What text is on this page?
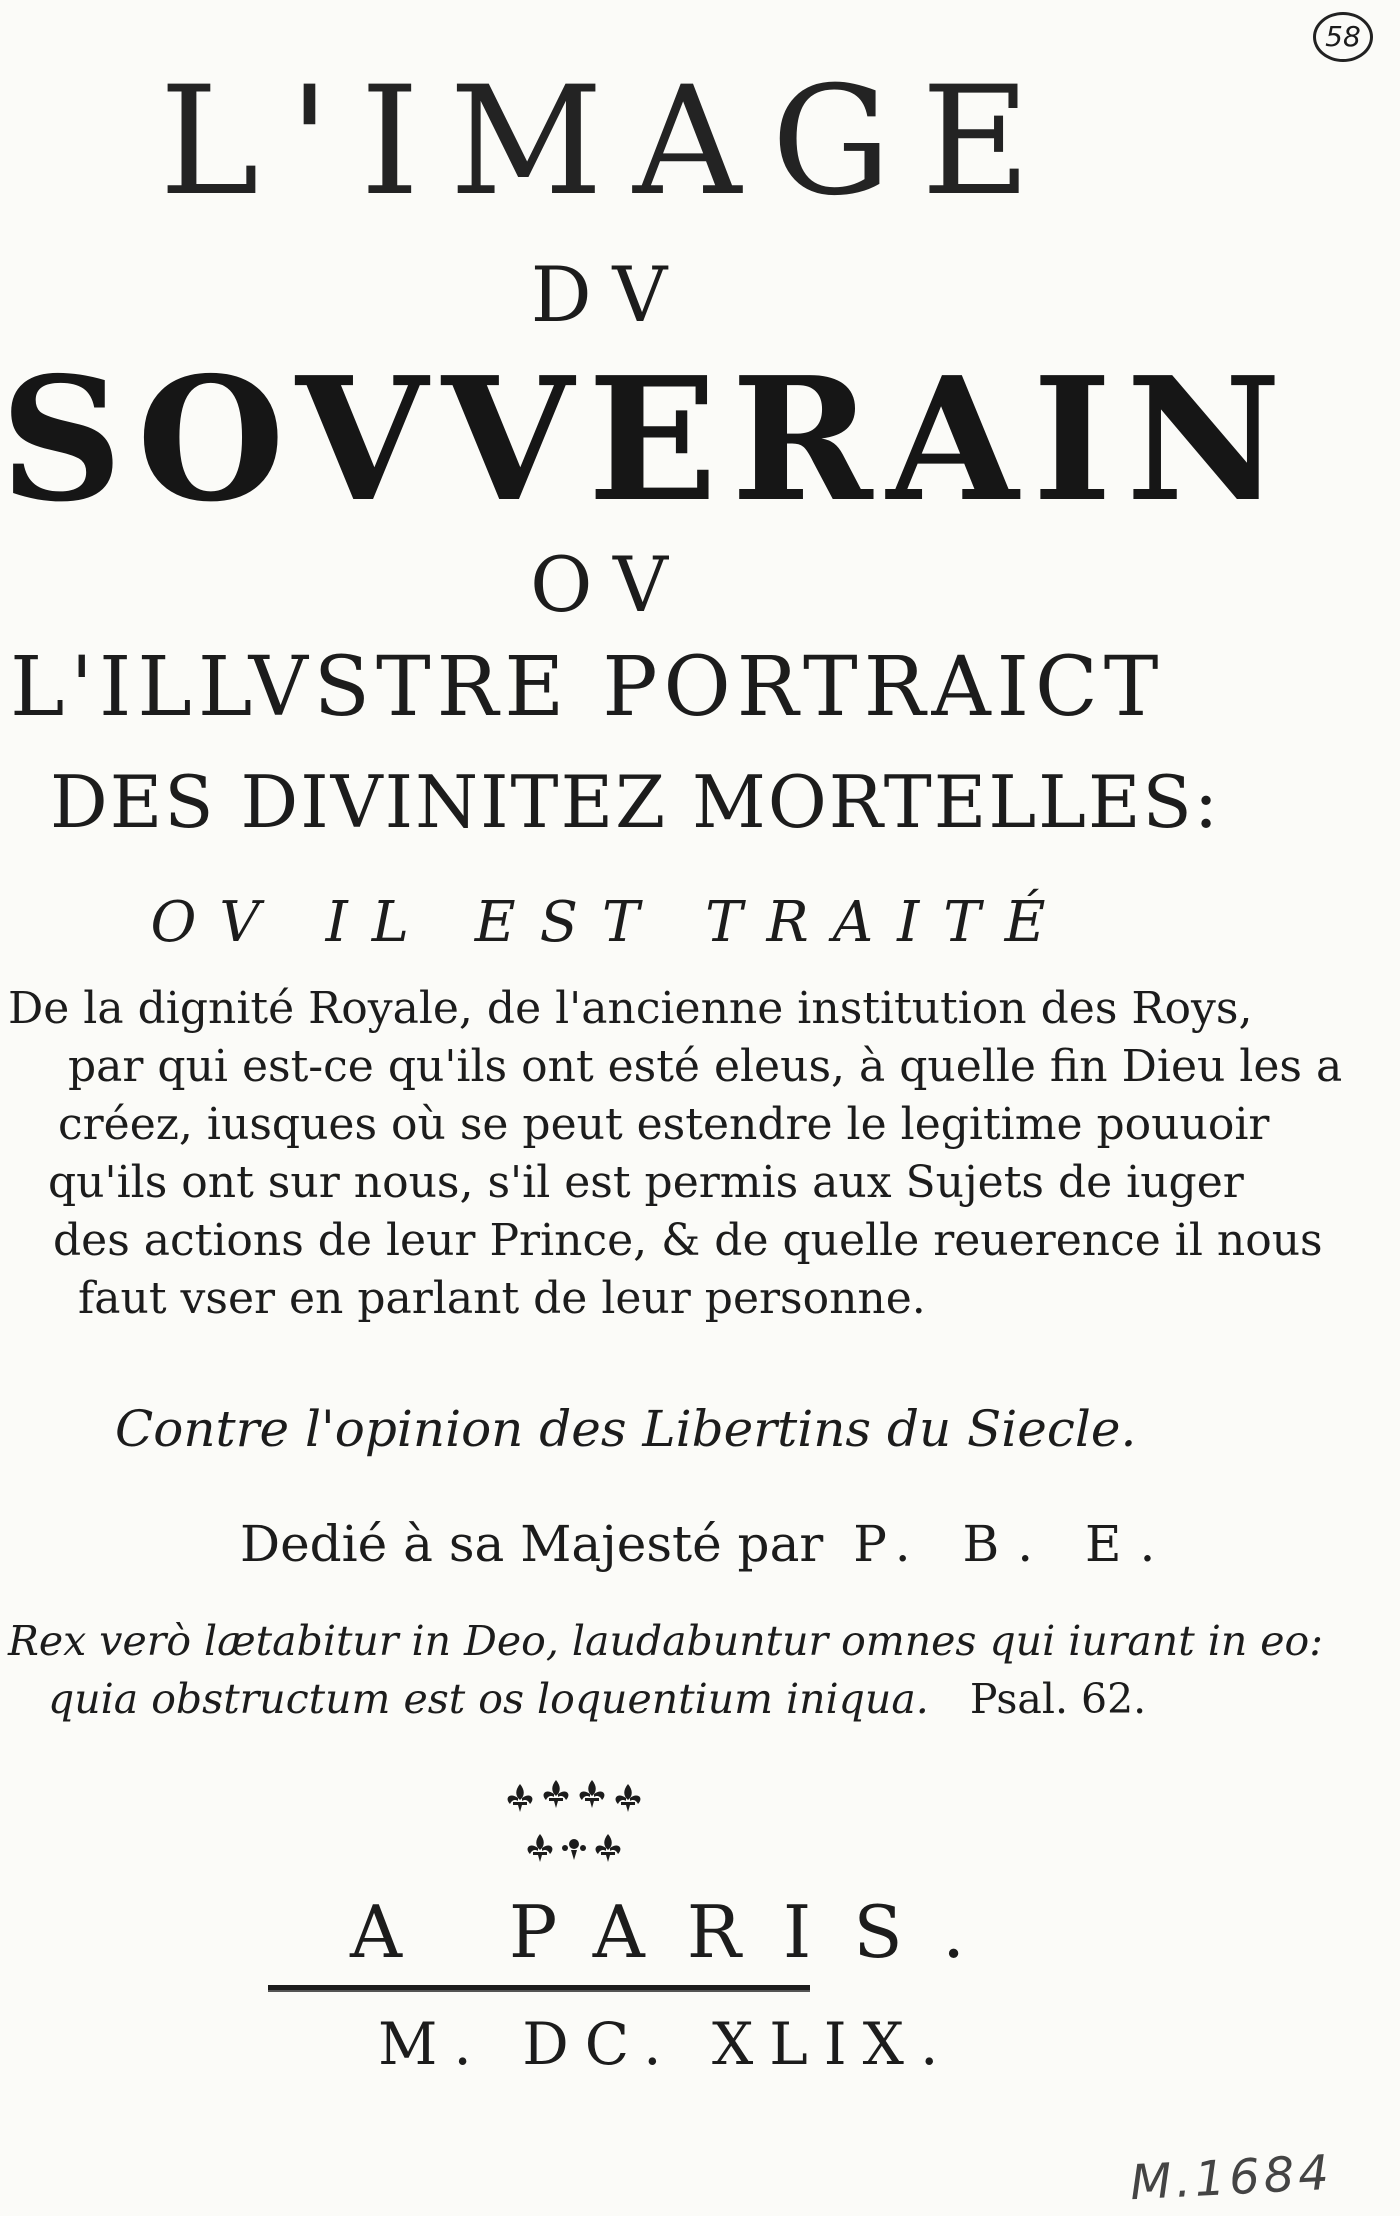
58
L'IMAGE
DV
SOVVERAIN
OV
L'ILLVSTRE PORTRAICT
DES DIVINITEZ MORTELLES:
OV IL EST TRAITÉ
De la dignité Royale, de l'ancienne institution des Roys,
par qui est-ce qu'ils ont esté eleus, à quelle fin Dieu les a
créez, iusques où se peut estendre le legitime pouuoir
qu'ils ont sur nous, s'il est permis aux Sujets de iuger
des actions de leur Prince, & de quelle reuerence il nous
faut vser en parlant de leur personne.
Contre l'opinion des Libertins du Siecle.
Dedié à sa Majesté par P. B. E.
Rex verò lætabitur in Deo, laudabuntur omnes qui iurant in eo:
quia obstructum est os loquentium iniqua. Psal. 62.
A PARIS.
M. DC. XLIX.
M.1684
